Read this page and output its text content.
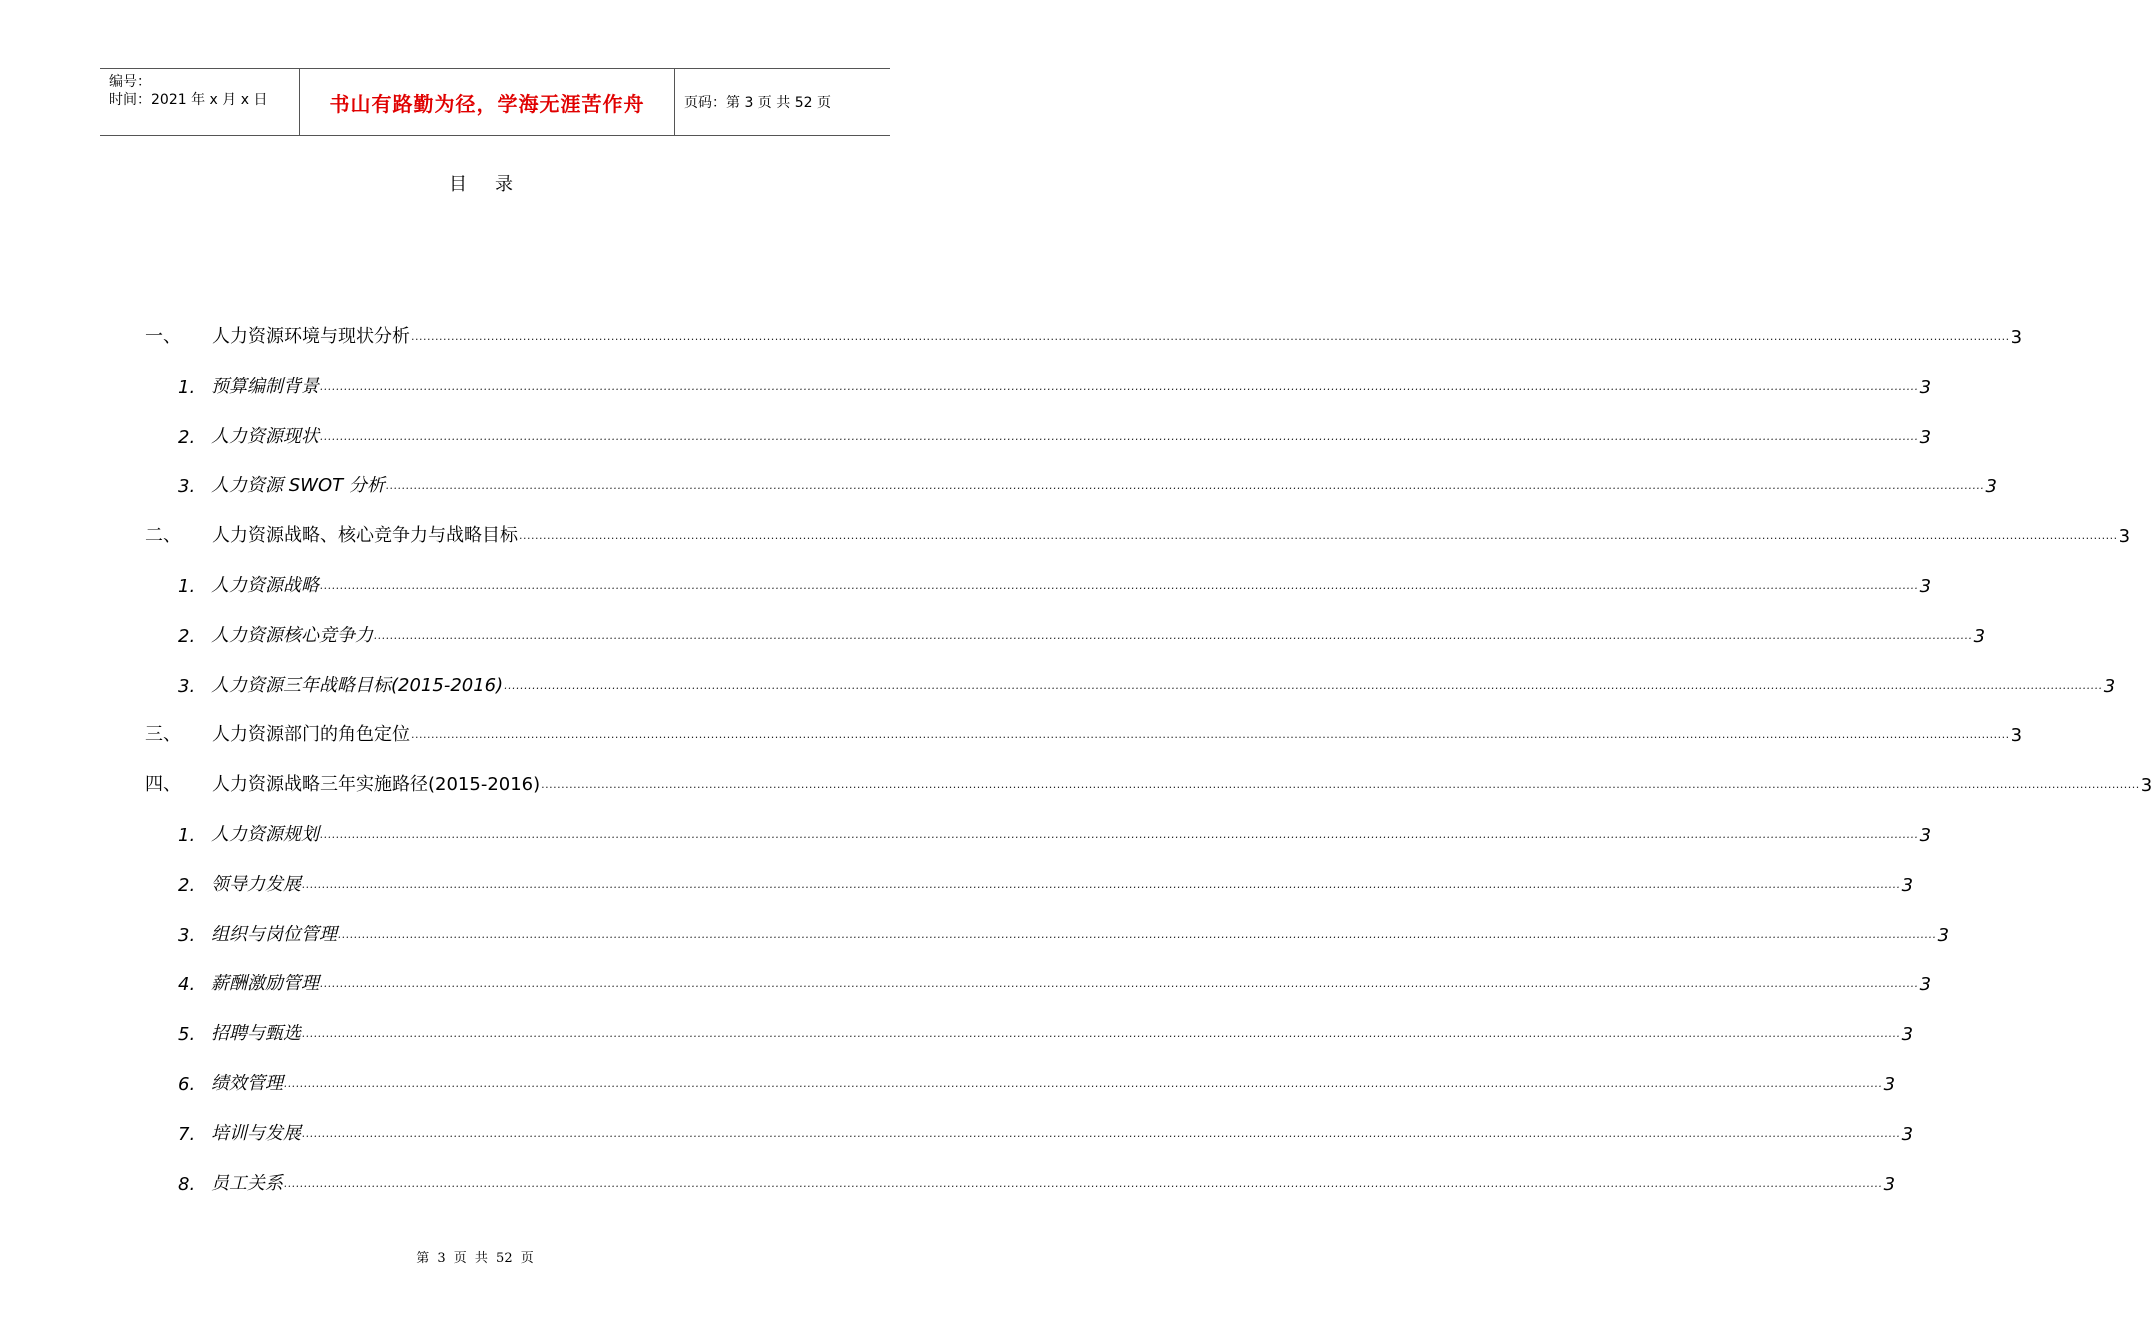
编号：
时间：2021 年 x 月 x 日	书山有路勤为径，学海无涯苦作舟	页码：第 3 页 共 52 页
目录
一、 人力资源环境与现状分析 ................................................................................................................................................................................................................................................................................................................................................................................................................ 3
1. 预算编制背景 ................................................................................................................................................................................................................................................................................................................................................................................................................ 3
2. 人力资源现状 ................................................................................................................................................................................................................................................................................................................................................................................................................ 3
3. 人力资源 SWOT 分析 ................................................................................................................................................................................................................................................................................................................................................................................................................ 3
二、 人力资源战略、核心竞争力与战略目标 ................................................................................................................................................................................................................................................................................................................................................................................................................ 3
1. 人力资源战略 ................................................................................................................................................................................................................................................................................................................................................................................................................ 3
2. 人力资源核心竞争力 ................................................................................................................................................................................................................................................................................................................................................................................................................ 3
3. 人力资源三年战略目标(2015-2016) ................................................................................................................................................................................................................................................................................................................................................................................................................ 3
三、 人力资源部门的角色定位 ................................................................................................................................................................................................................................................................................................................................................................................................................ 3
四、 人力资源战略三年实施路径(2015-2016) ................................................................................................................................................................................................................................................................................................................................................................................................................ 3
1. 人力资源规划 ................................................................................................................................................................................................................................................................................................................................................................................................................ 3
2. 领导力发展 ................................................................................................................................................................................................................................................................................................................................................................................................................ 3
3. 组织与岗位管理 ................................................................................................................................................................................................................................................................................................................................................................................................................ 3
4. 薪酬激励管理 ................................................................................................................................................................................................................................................................................................................................................................................................................ 3
5. 招聘与甄选 ................................................................................................................................................................................................................................................................................................................................................................................................................ 3
6. 绩效管理 ................................................................................................................................................................................................................................................................................................................................................................................................................ 3
7. 培训与发展 ................................................................................................................................................................................................................................................................................................................................................................................................................ 3
8. 员工关系 ................................................................................................................................................................................................................................................................................................................................................................................................................ 3
第 3 页 共 52 页
